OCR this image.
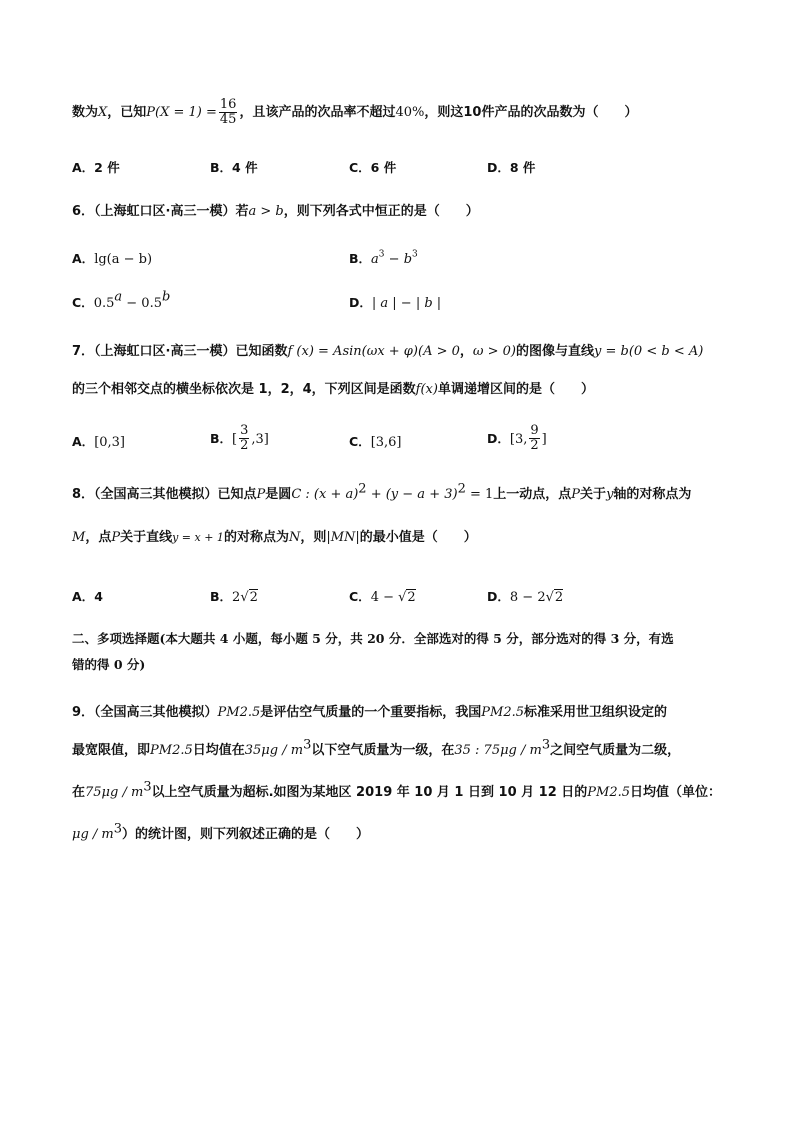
数为X，已知$P(X = 1) = \frac{16}{45}$ ，且该产品的次品率不超过40%，则这10件产品的次品数为（　　）
A．2 件	B．4 件	C．6 件	D．8 件
6．（上海虹口区·高三一模）若a > b，则下列各式中恒正的是（　　）
A．lg(a − b)	B．$a^3 - b^3$
C．0.5$^a$ − 0.5$^b$	D．| a | − | b |
7．（上海虹口区·高三一模）已知函数f (x) = Asin(ωx + φ)(A > 0，ω > 0)的图像与直线y = b(0 < b < A)
的三个相邻交点的横坐标依次是 1，2，4，下列区间是函数f(x)单调递增区间的是（　　）
A．[0,3]	B．[ $\frac{3}{2} ,3$]	C．[3,6]	D．[3, $\frac{9}{2}$ ]
8．（全国高三其他模拟）已知点P是圆C : $(x + a)^2 + (y - a + 3)^2 = 1$上一动点，点P关于y轴的对称点为
M，点P关于直线y = x + 1的对称点为N，则|MN|的最小值是（　　）
A．4	B．2√2	C．4 − √2	D．8 − 2√2
二、多项选择题(本大题共 4 小题，每小题 5 分，共 20 分．全部选对的得 5 分，部分选对的得 3 分，有选
错的得 0 分)
9．（全国高三其他模拟）PM2.5是评估空气质量的一个重要指标，我国PM2.5标准采用世卫组织设定的
最宽限值，即PM2.5日均值在$35\mu g / m^3$以下空气质量为一级，在35 : $75\mu g / m^3$之间空气质量为二级，
在$75\mu g / m^3$以上空气质量为超标.如图为某地区 2019 年 10 月 1 日到 10 月 12 日的PM2.5日均值（单位：
μg / $m^3$）的统计图，则下列叙述正确的是（　　）
